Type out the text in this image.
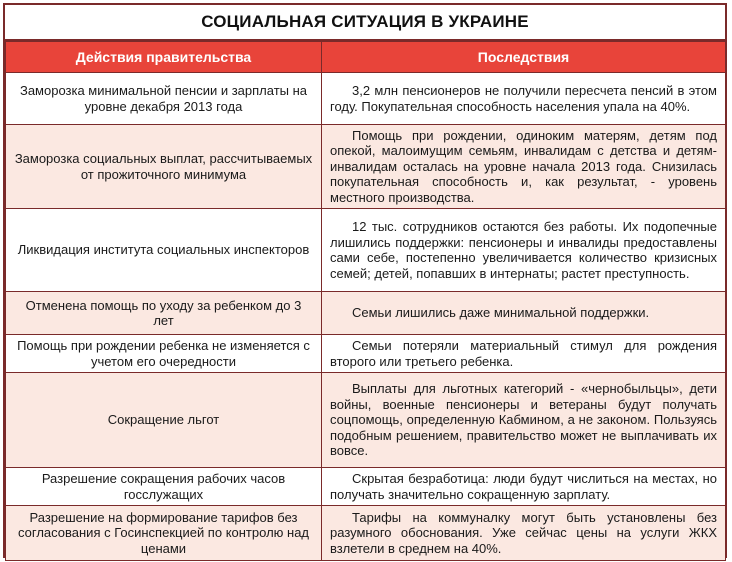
СОЦИАЛЬНАЯ СИТУАЦИЯ В УКРАИНЕ
Действия правительства	Последствия
Заморозка минимальной пенсии и зарплаты на уровне декабря 2013 года	3,2 млн пенсионеров не получили пересчета пенсий в этом году. Покупательная способность населения упала на 40%.

Заморозка социальных выплат, рассчитываемых от прожиточного минимума	Помощь при рождении, одиноким матерям, детям под опекой, малоимущим семьям, инвалидам с детства и детям-инвалидам осталась на уровне начала 2013 года. Снизилась покупательная способность и, как результат, - уровень местного производства.

Ликвидация института социальных инспекторов	12 тыс. сотрудников остаются без работы. Их подопечные лишились поддержки: пенсионеры и инвалиды предоставлены сами себе, постепенно увеличивается количество кризисных семей; детей, попавших в интернаты; растет преступность.

Отменена помощь по уходу за ребенком до 3 лет	Семьи лишились даже минимальной поддержки.

Помощь при рождении ребенка не изменяется с учетом его очередности	Семьи потеряли материальный стимул для рождения второго или третьего ребенка.

Сокращение льгот	Выплаты для льготных категорий - «чернобыльцы», дети войны, военные пенсионеры и ветераны будут получать соцпомощь, определенную Кабмином, а не законом. Пользуясь подобным решением, правительство может не выплачивать их вовсе.

Разрешение сокращения рабочих часов госслужащих	Скрытая безработица: люди будут числиться на местах, но получать значительно сокращенную зарплату.

Разрешение на формирование тарифов без согласования с Госинспекцией по контролю над ценами	Тарифы на коммуналку могут быть установлены без разумного обоснования. Уже сейчас цены на услуги ЖКХ взлетели в среднем на 40%.
